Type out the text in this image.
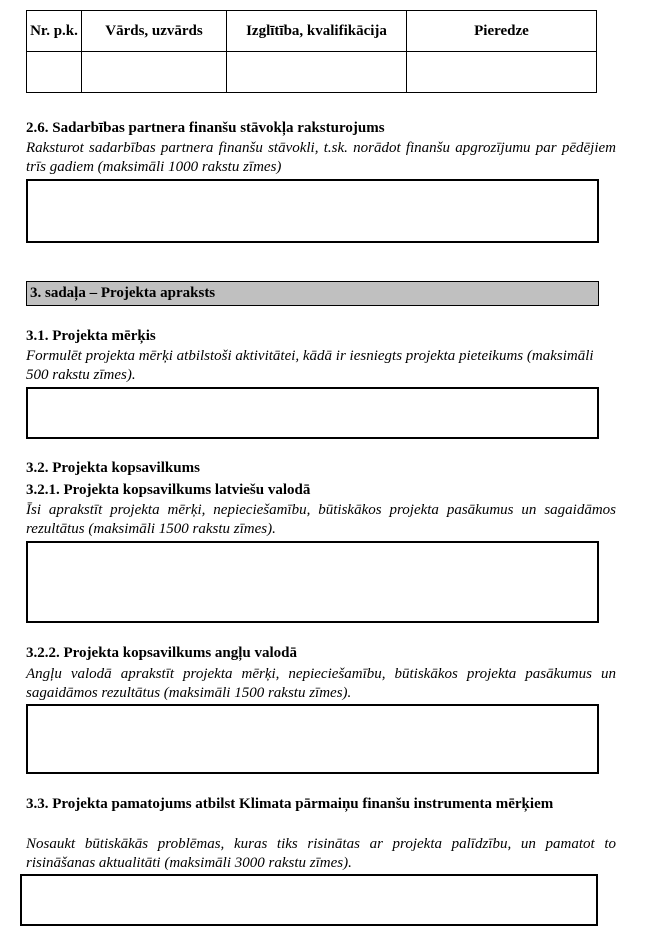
Nr. p.k.	Vārds, uzvārds	Izglītība, kvalifikācija	Pieredze

2.6. Sadarbības partnera finanšu stāvokļa raksturojums
Raksturot sadarbības partnera finanšu stāvokli, t.sk. norādot finanšu apgrozījumu par pēdējiem trīs gadiem (maksimāli 1000 rakstu zīmes)
3. sadaļa – Projekta apraksts
3.1. Projekta mērķis
Formulēt projekta mērķi atbilstoši aktivitātei, kādā ir iesniegts projekta pieteikums (maksimāli 500 rakstu zīmes).
3.2. Projekta kopsavilkums
3.2.1. Projekta kopsavilkums latviešu valodā
Īsi aprakstīt projekta mērķi, nepieciešamību, būtiskākos projekta pasākumus un sagaidāmos rezultātus (maksimāli 1500 rakstu zīmes).
3.2.2. Projekta kopsavilkums angļu valodā
Angļu valodā aprakstīt projekta mērķi, nepieciešamību, būtiskākos projekta pasākumus un sagaidāmos rezultātus (maksimāli 1500 rakstu zīmes).
3.3. Projekta pamatojums atbilst Klimata pārmaiņu finanšu instrumenta mērķiem
Nosaukt būtiskākās problēmas, kuras tiks risinātas ar projekta palīdzību, un pamatot to risināšanas aktualitāti (maksimāli 3000 rakstu zīmes).
